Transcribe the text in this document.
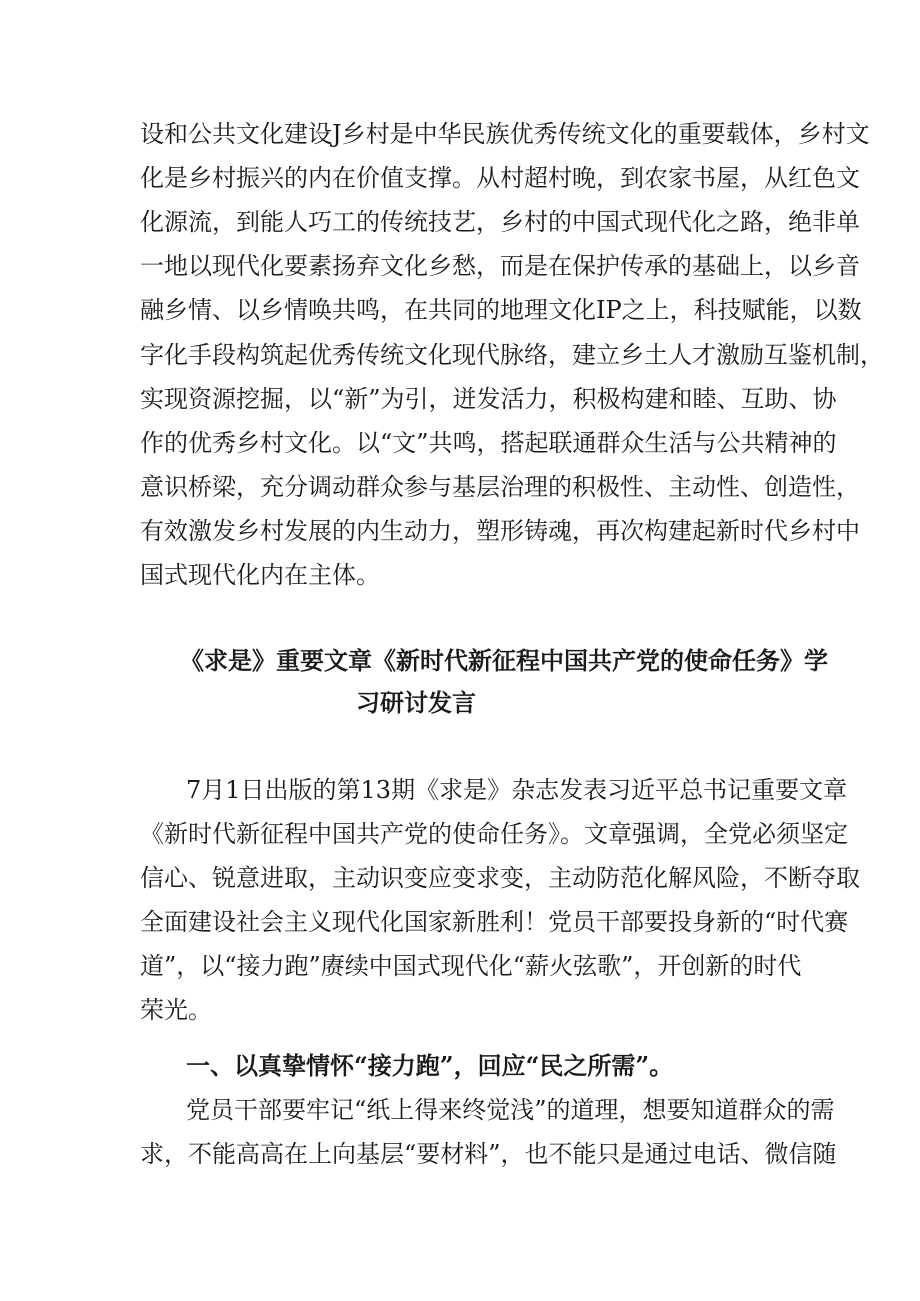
设和公共文化建设J乡村是中华民族优秀传统文化的重要载体，乡村文
化是乡村振兴的内在价值支撑。从村超村晚，到农家书屋，从红色文
化源流，到能人巧工的传统技艺，乡村的中国式现代化之路，绝非单
一地以现代化要素扬弃文化乡愁，而是在保护传承的基础上，以乡音
融乡情、以乡情唤共鸣，在共同的地理文化IP之上，科技赋能，以数
字化手段构筑起优秀传统文化现代脉络，建立乡土人才激励互鉴机制，
实现资源挖掘，以“新”为引，迸发活力，积极构建和睦、互助、协
作的优秀乡村文化。以“文”共鸣，搭起联通群众生活与公共精神的
意识桥梁，充分调动群众参与基层治理的积极性、主动性、创造性，
有效激发乡村发展的内生动力，塑形铸魂，再次构建起新时代乡村中
国式现代化内在主体。
《求是》重要文章《新时代新征程中国共产党的使命任务》学
习研讨发言
7月1日出版的第13期《求是》杂志发表习近平总书记重要文章
《新时代新征程中国共产党的使命任务》。文章强调，全党必须坚定
信心、锐意进取，主动识变应变求变，主动防范化解风险，不断夺取
全面建设社会主义现代化国家新胜利！党员干部要投身新的“时代赛
道”，以“接力跑”赓续中国式现代化“薪火弦歌”，开创新的时代
荣光。
一、以真挚情怀“接力跑”，回应“民之所需”。
党员干部要牢记“纸上得来终觉浅”的道理，想要知道群众的需
求，不能高高在上向基层“要材料”，也不能只是通过电话、微信随
